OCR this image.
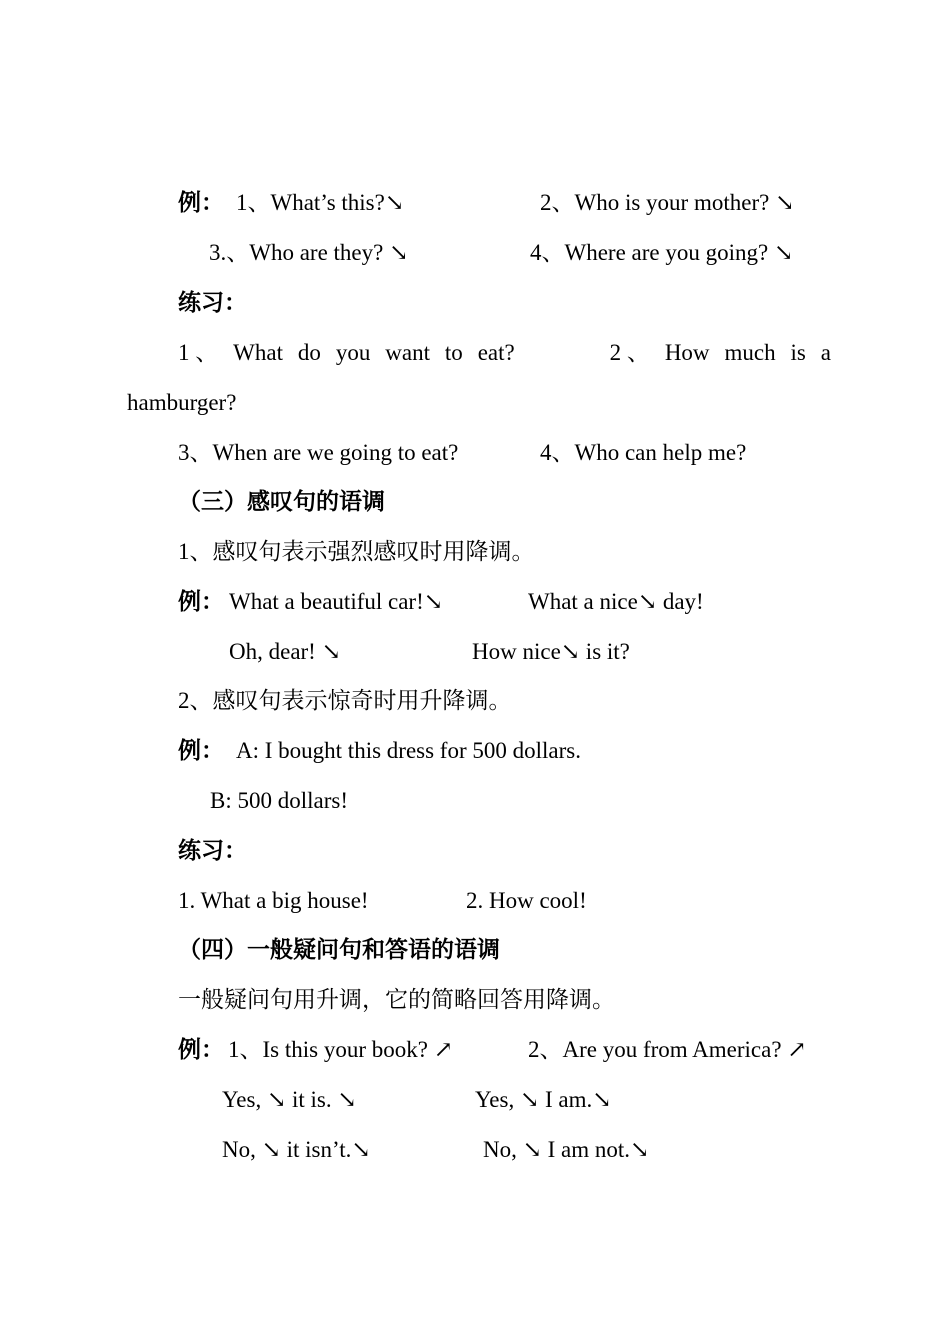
例： 1、What’s this?↘	2、Who is your mother? ↘
3.、Who are they? ↘	4、Where are you going? ↘
练习：
1 、 What do you want to eat?	2 、 How much is a
hamburger?
3、When are we going to eat?	4、Who can help me?
（三）感叹句的语调
1、感叹句表示强烈感叹时用降调。
例： What a beautiful car!↘	What a nice↘ day!
Oh, dear! ↘	How nice↘ is it?
2、感叹句表示惊奇时用升降调。
例： A: I bought this dress for 500 dollars.
B: 500 dollars!
练习：
1. What a big house!	2. How cool!
（四）一般疑问句和答语的语调
一般疑问句用升调，它的简略回答用降调。
例： 1、Is this your book? ↗	2、Are you from America? ↗
Yes, ↘ it is. ↘	Yes, ↘ I am.↘
No, ↘ it isn’t.↘	No, ↘ I am not.↘
